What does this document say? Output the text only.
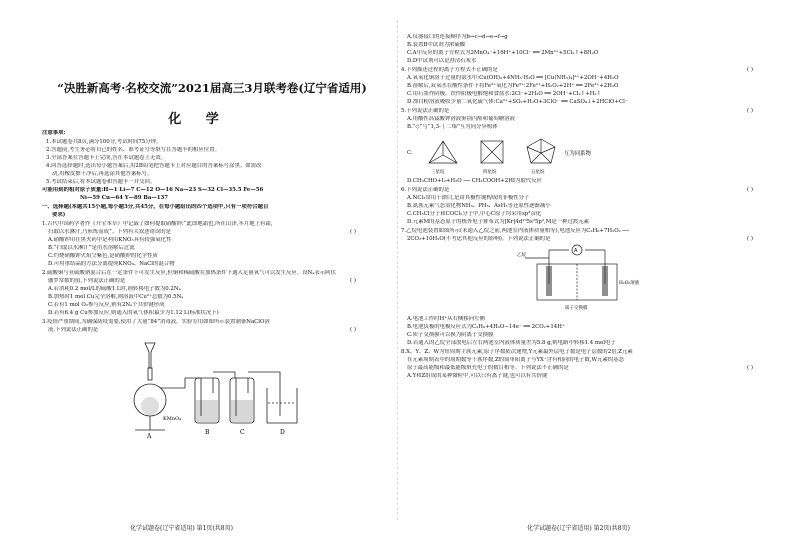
“决胜新高考·名校交流”2021届高三3月联考卷(辽宁省适用)
化 学
注意事项:
1.本试题卷共8页,满分100分,考试时间75分钟。
2.答题前,考生务必将自己的姓名、准考证号等填写在答题卡的相应位置。
3.全部答案在答题卡上完成,答在本试题卷上无效。
4.回答选择题时,选出每小题答案后,用2B铅笔把答题卡上对应题目的答案标号涂黑。如需改
动,用橡皮擦干净后,再选涂其他答案标号。
5.考试结束后,将本试题卷和答题卡一并交回。
可能用到的相对原子质量:H—1 Li—7 C—12 O—16 Na—23 S—32 Cl—35.5 Fe—56
Ni—59 Cu—64 Y—89 Ba—137
一、选择题(本题共15小题,每小题3分,共45分。在每小题给出的四个选项中,只有一项符合题目
要求)
1.古代中国药学著作《开宝本草》中记载了如何提取硝酸钾:“此即地霜也,所在山泽,冬月地上有霜,
扫取以水淋汁,乃煎炼而成”。下列有关叙述错误的是	( )
A.硝酸钾用在黑火药中是利用KNO₃具有较强氧化性
B.“扫取以水淋汁”是用水溶解后过滤
C.灼烧硝酸钾火焰呈紫色,是硝酸钾的化学性质
D.可用重结晶的方法分离提纯KNO₃、NaCl的混合物
2.硫酸铜与亚硫酸钠混合后在一定条件下可发生反应,但铜和稀硫酸在加热条件下通入足量氧气可以发生反应。设Nₐ表示阿伏
伽罗常数的值,下列说法正确的是	( )
A.若消耗0.2 mol/L的硫酸1 L时,则转移电子数为0.2Nₐ
B.加热时1 mol Cu完全溶解,则溶液中Cu²⁺总数为0.5Nₐ
C.若有1 mol O₂参与反应,则有2Nₐ个共价键形成
D.若有6.4 g Cu参加反应,则通入的氧气体积最少为1.12 L(标准状况下)
3.疫情严重期间,为确保防疫需要,使用了大量“84”消毒液。实验室用如图所示装置制备NaClO溶
液,下列说法正确的是	( )
KMnO₄
A
B	C	D
化学试题卷(辽宁省适用) 第1页(共8页)
A.仪器接口的连接顺序为b→c→d→e→f→g
B.装置B中试剂为浓硫酸
C.A中反应的离子方程式为2MnO₄⁻+16H⁺+10Cl⁻ ══ 2Mn²⁺+5Cl₂↑+8H₂O
D.D中试剂可以是澄清石灰水
4.下列描述过程的离子方程式不正确的是	( )
A.氧氧化铜溶于过量的氨水中:Cu(OH)₂+4NH₃·H₂O ══ [Cu(NH₃)₄]²⁺+2OH⁻+4H₂O
B.溶解后,双氧水在酸性条件下将Fe²⁺氧化为Fe³⁺:2Fe²⁺+H₂O₂+2H⁺ ══ 2Fe³⁺+2H₂O
C.用石墨作阴极、铁作阳极电解饱和食盐水:2Cl⁻+2H₂O ══ 2OH⁻+Cl₂↑+H₂↑
D.漂白粉溶液吸收少量二氧化硫气体:Ca²⁺+SO₂+H₂O+3ClO⁻ ══ CaSO₄↓+2HClO+Cl⁻
5.下列说法正确的是	( )
A.用酸性高锰酸钾溶液鉴别丙醛和葡萄糖溶液
B.“◇”与“1,3-丁二烯”互为同分异构体
C.
三星烷	四星烷	五星烷
互为同系物
D.CH₃CHO+I₂+H₂O ── CH₃COOH+2HI为取代反应
6.下列说法正确的是	( )
A.NCl₃常用于漂白,是由其极性键构成的非极性分子
B.氮族元素气态氢化物NH₃、PH₃、AsH₃等还原性逐渐减小
C.CH₃Cl分子和COCl₂分子中,中心C原子均采用sp³杂化
D.元素M的基态原子的核外电子排布式为[Kr]4d¹⁰5s²5p²,M是一种过渡元素
7.乙烷电池装置如图所示(未通入乙烷之前,两池室内液体质量相等),电池反应为C₂H₆+7H₂O₂ ──
2CO₂+10H₂O(不考虑其他反应的影响)。下列说法正确的是	( )
A
乙烷
H₂O₂溶液
质子交换膜
A.电池工作时H⁺从右侧移向左侧
B.电池负极的电极反应式为C₂H₆+4H₂O−14e⁻ ══ 2CO₂+14H⁺
C.质子交换膜可以换为阴离子交换膜
D.若通入的乙烷全部放电后左右两池室内液体质量差为5.8 g,则电路中转移1.4 mol电子
8.X、Y、Z、W为短周期主族元素,原子序数依次递增,Y元素最外层电子数是电子层数的2倍,Z元素
在元素周期表中的周期数等于族序数,Z的简单阳离子与YX⁻含有相同的电子数,W元素的基态
原子最高能级和最低能级填充电子的数目相等。下列说法不正确的是	( )
A.Y和Z组成的某种微粒中,可以只有离子键,也可以有共价键
化学试题卷(辽宁省适用) 第2页(共8页)
